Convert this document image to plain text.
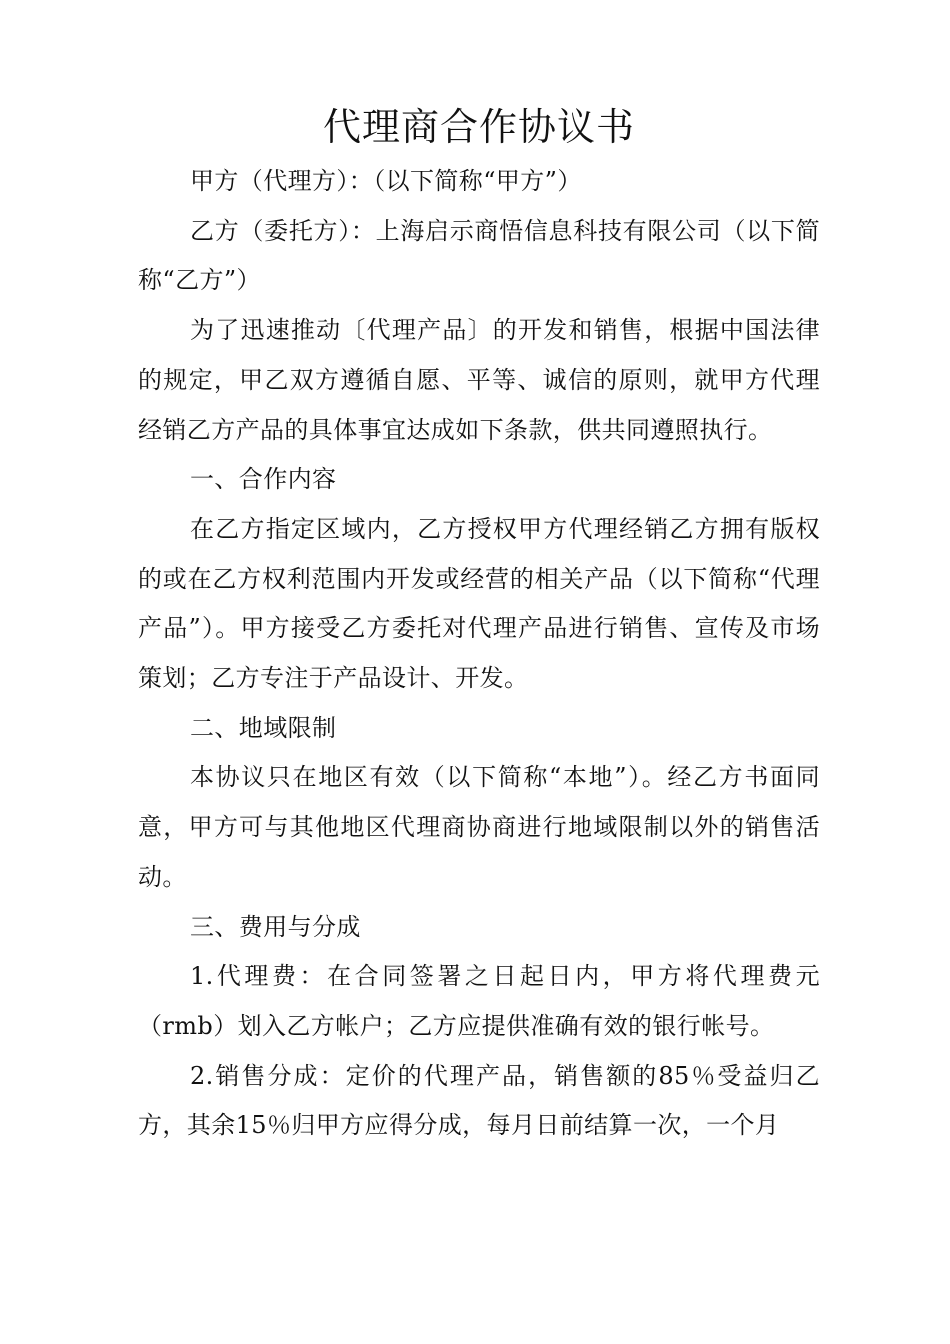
代理商合作协议书

甲方（代理方）：（以下简称“甲方”）

乙方（委托方）：上海启示商悟信息科技有限公司（以下简称“乙方”）

为了迅速推动〔代理产品〕的开发和销售，根据中国法律的规定，甲乙双方遵循自愿、平等、诚信的原则，就甲方代理经销乙方产品的具体事宜达成如下条款，供共同遵照执行。

一、合作内容

在乙方指定区域内，乙方授权甲方代理经销乙方拥有版权的或在乙方权利范围内开发或经营的相关产品（以下简称“代理产品”）。甲方接受乙方委托对代理产品进行销售、宣传及市场策划；乙方专注于产品设计、开发。

二、地域限制

本协议只在地区有效（以下简称“本地”）。经乙方书面同意，甲方可与其他地区代理商协商进行地域限制以外的销售活动。

三、费用与分成

1.代理费：在合同签署之日起日内，甲方将代理费元（rmb）划入乙方帐户；乙方应提供准确有效的银行帐号。

2.销售分成：定价的代理产品，销售额的85％受益归乙方，其余15％归甲方应得分成，每月日前结算一次，一个月
